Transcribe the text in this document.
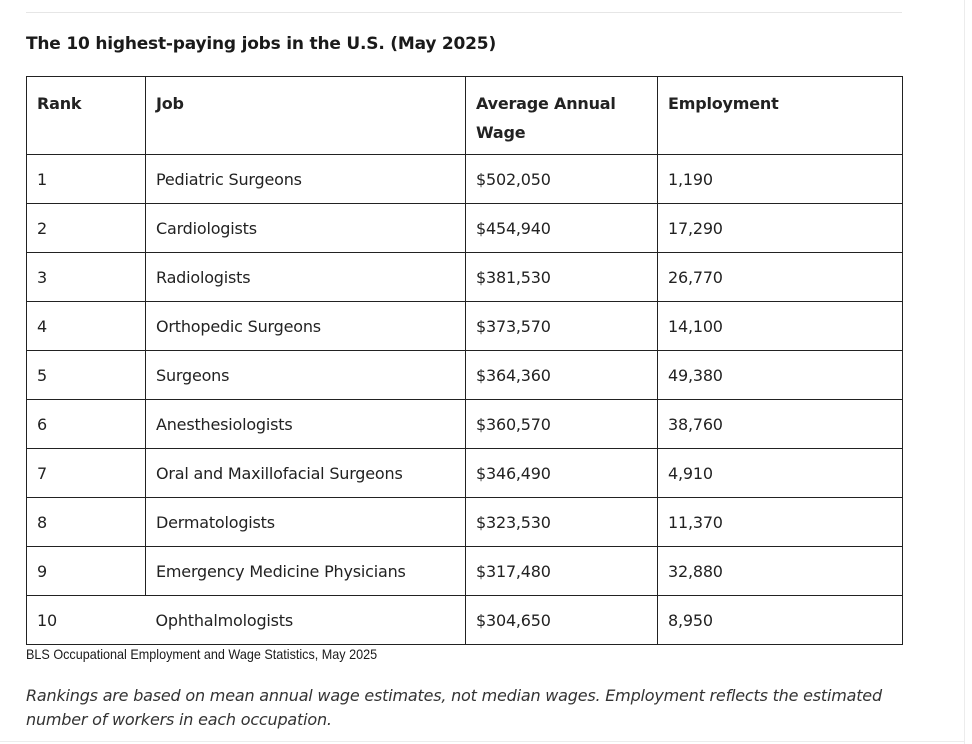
The 10 highest-paying jobs in the U.S. (May 2025)
Rank	Job	Average Annual Wage	Employment
1	Pediatric Surgeons	$502,050	1,190
2	Cardiologists	$454,940	17,290
3	Radiologists	$381,530	26,770
4	Orthopedic Surgeons	$373,570	14,100
5	Surgeons	$364,360	49,380
6	Anesthesiologists	$360,570	38,760
7	Oral and Maxillofacial Surgeons	$346,490	4,910
8	Dermatologists	$323,530	11,370
9	Emergency Medicine Physicians	$317,480	32,880
10	Ophthalmologists	$304,650	8,950
BLS Occupational Employment and Wage Statistics, May 2025
Rankings are based on mean annual wage estimates, not median wages. Employment reflects the estimated number of workers in each occupation.
